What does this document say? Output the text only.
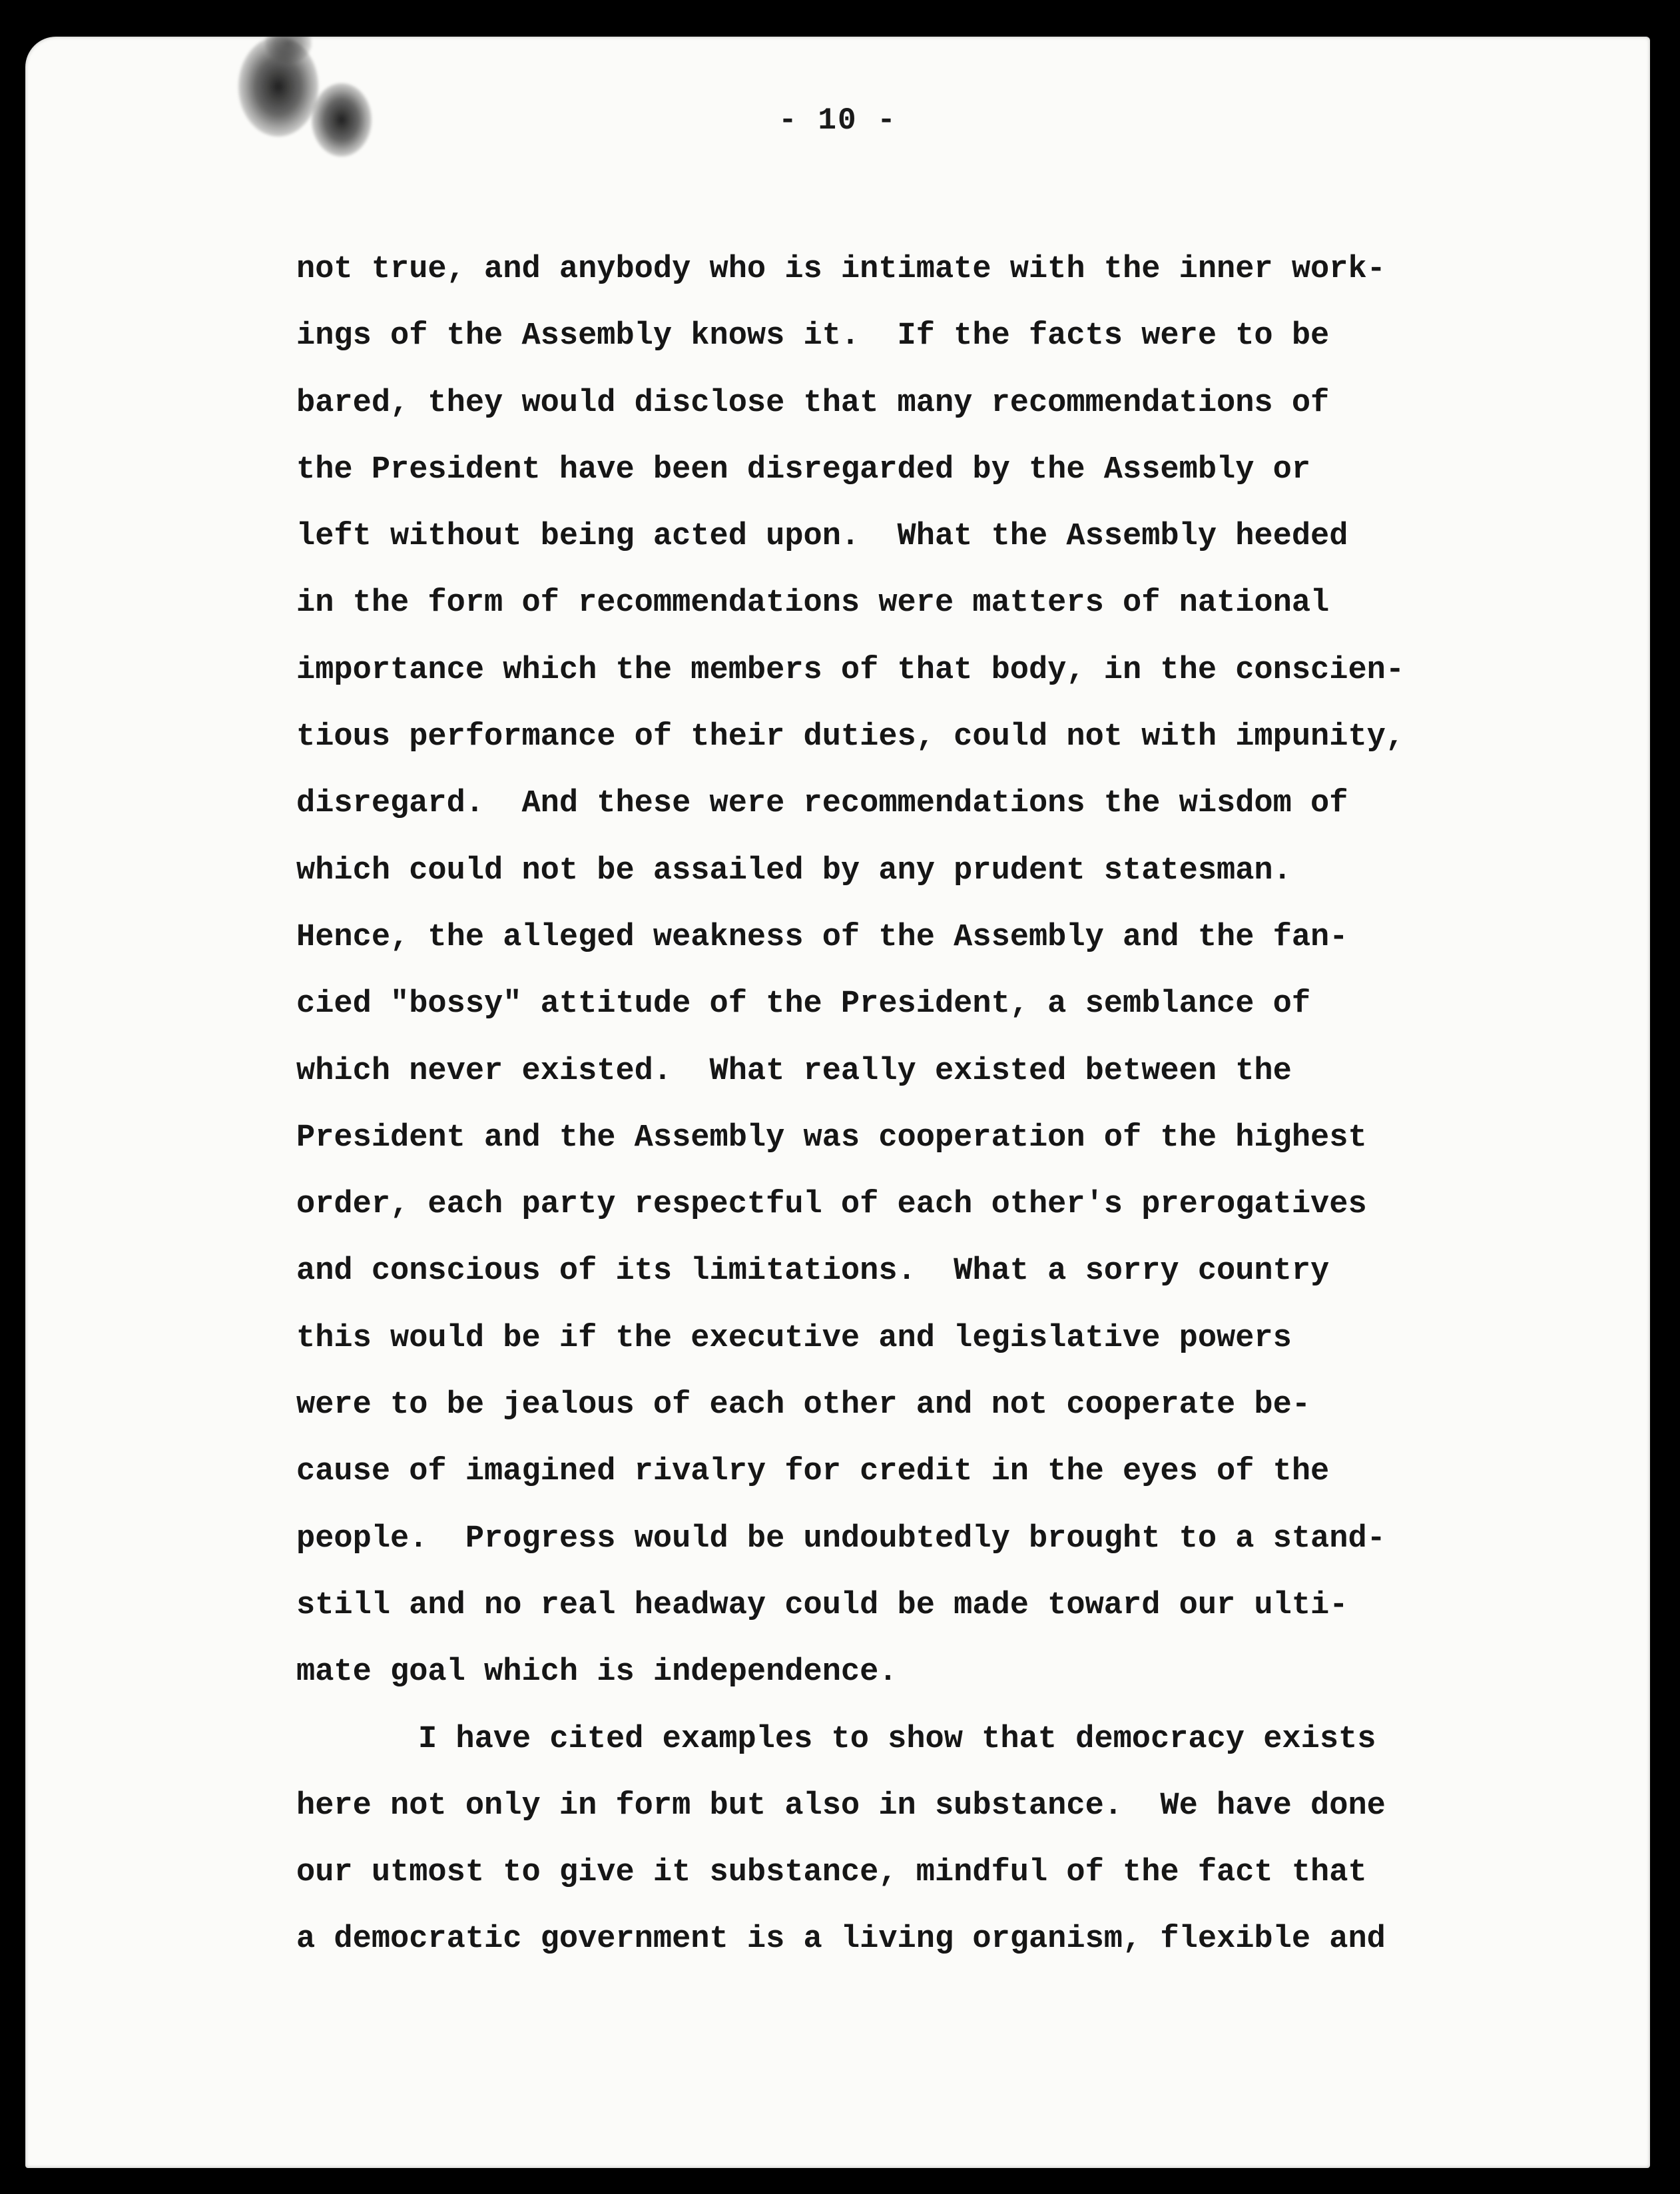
- 10 -
not true, and anybody who is intimate with the inner work-
ings of the Assembly knows it.  If the facts were to be
bared, they would disclose that many recommendations of
the President have been disregarded by the Assembly or
left without being acted upon.  What the Assembly heeded
in the form of recommendations were matters of national
importance which the members of that body, in the conscien-
tious performance of their duties, could not with impunity,
disregard.  And these were recommendations the wisdom of
which could not be assailed by any prudent statesman.
Hence, the alleged weakness of the Assembly and the fan-
cied "bossy" attitude of the President, a semblance of
which never existed.  What really existed between the
President and the Assembly was cooperation of the highest
order, each party respectful of each other's prerogatives
and conscious of its limitations.  What a sorry country
this would be if the executive and legislative powers
were to be jealous of each other and not cooperate be-
cause of imagined rivalry for credit in the eyes of the
people.  Progress would be undoubtedly brought to a stand-
still and no real headway could be made toward our ulti-
mate goal which is independence.
I have cited examples to show that democracy exists
here not only in form but also in substance.  We have done
our utmost to give it substance, mindful of the fact that
a democratic government is a living organism, flexible and
